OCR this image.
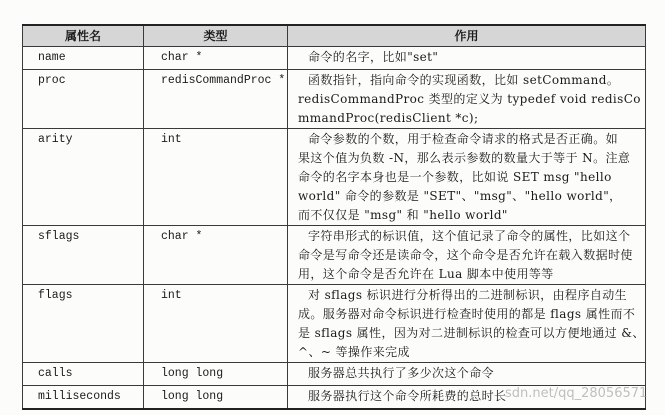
属性名	类型	作用
name	char *	命令的名字，比如"set"

proc	redisCommandProc *	函数指针，指向命令的实现函数，比如 setCommand。
redisCommandProc 类型的定义为 typedef void redisCo
mmandProc(redisClient *c);

arity	int	命令参数的个数，用于检查命令请求的格式是否正确。如
果这个值为负数 -N，那么表示参数的数量大于等于 N。注意
命令的名字本身也是一个参数，比如说 SET msg "hello
world" 命令的参数是 "SET"、"msg"、"hello world"，
而不仅仅是 "msg" 和 "hello world"

sflags	char *	字符串形式的标识值，这个值记录了命令的属性，比如这个
命令是写命令还是读命令，这个命令是否允许在载入数据时使
用，这个命令是否允许在 Lua 脚本中使用等等

flags	int	对 sflags 标识进行分析得出的二进制标识，由程序自动生
成。服务器对命令标识进行检查时使用的都是 flags 属性而不
是 sflags 属性，因为对二进制标识的检查可以方便地通过 &、
^、~ 等操作来完成

calls	long long	服务器总共执行了多少次这个命令

milliseconds	long long	服务器执行这个命令所耗费的总时长
sdn.net/qq_28056571
